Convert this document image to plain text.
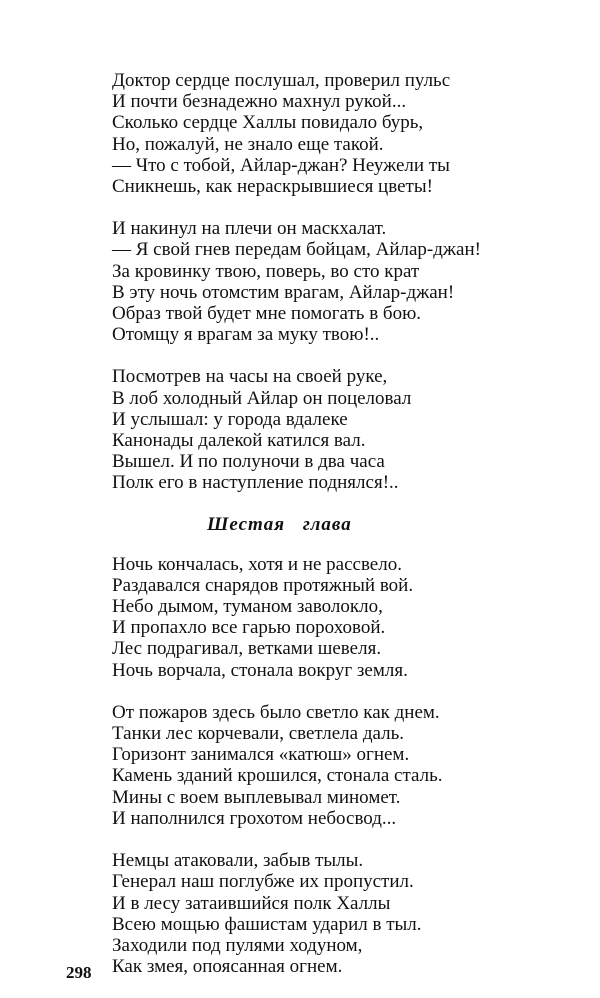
Доктор сердце послушал, проверил пульс
И почти безнадежно махнул рукой...
Сколько сердце Халлы повидало бурь,
Но, пожалуй, не знало еще такой.
— Что с тобой, Айлар-джан? Неужели ты
Сникнешь, как нераскрывшиеся цветы!
И накинул на плечи он маскхалат.
— Я свой гнев передам бойцам, Айлар-джан!
За кровинку твою, поверь, во сто крат
В эту ночь отомстим врагам, Айлар-джан!
Образ твой будет мне помогать в бою.
Отомщу я врагам за муку твою!..
Посмотрев на часы на своей руке,
В лоб холодный Айлар он поцеловал
И услышал: у города вдалеке
Канонады далекой катился вал.
Вышел. И по полуночи в два часа
Полк его в наступление поднялся!..
Шестая глава
Ночь кончалась, хотя и не рассвело.
Раздавался снарядов протяжный вой.
Небо дымом, туманом заволокло,
И пропахло все гарью пороховой.
Лес подрагивал, ветками шевеля.
Ночь ворчала, стонала вокруг земля.
От пожаров здесь было светло как днем.
Танки лес корчевали, светлела даль.
Горизонт занимался «катюш» огнем.
Камень зданий крошился, стонала сталь.
Мины с воем выплевывал миномет.
И наполнился грохотом небосвод...
Немцы атаковали, забыв тылы.
Генерал наш поглубже их пропустил.
И в лесу затаившийся полк Халлы
Всею мощью фашистам ударил в тыл.
Заходили под пулями ходуном,
Как змея, опоясанная огнем.
298
